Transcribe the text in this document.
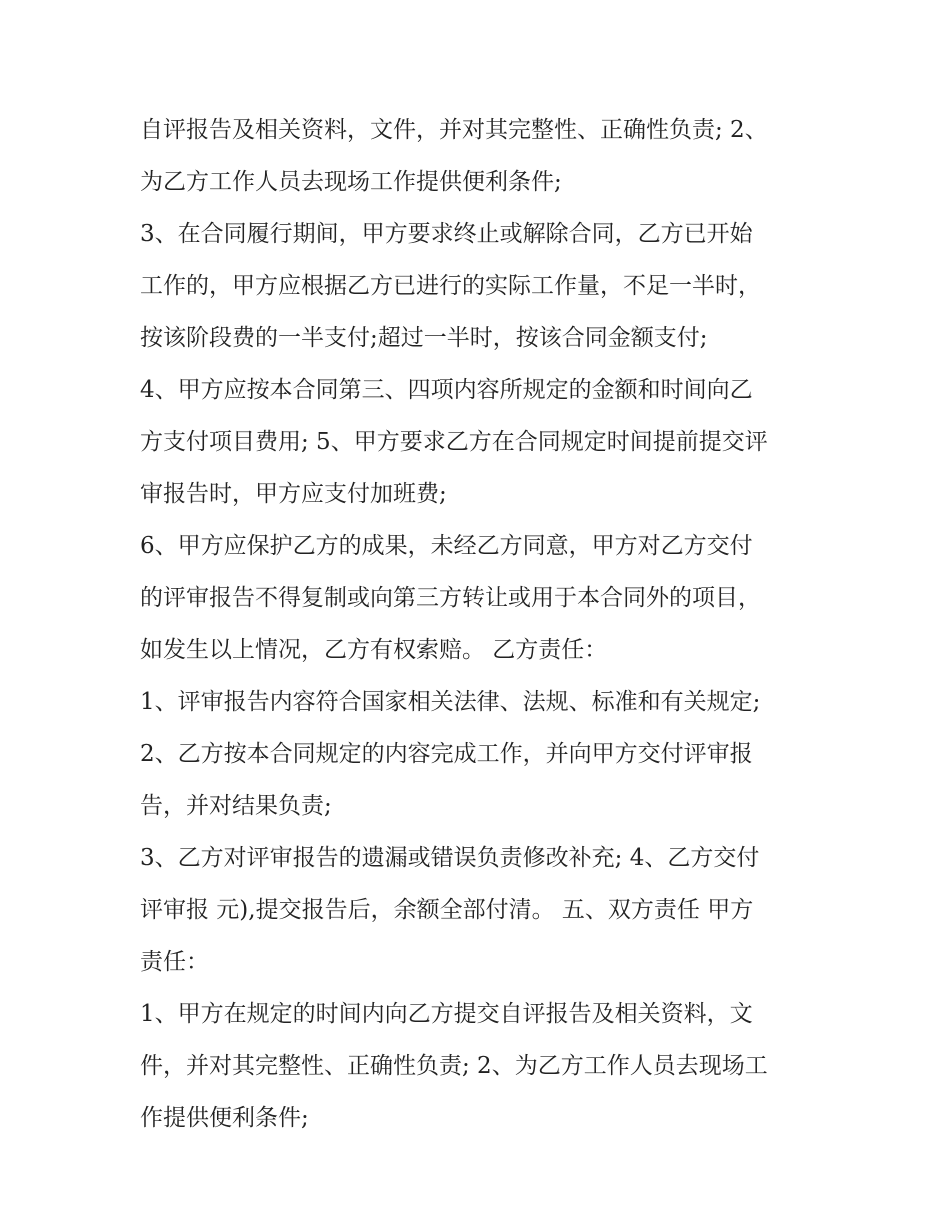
自评报告及相关资料，文件，并对其完整性、正确性负责; 2、
为乙方工作人员去现场工作提供便利条件;

3、在合同履行期间，甲方要求终止或解除合同，乙方已开始
工作的，甲方应根据乙方已进行的实际工作量，不足一半时，
按该阶段费的一半支付;超过一半时，按该合同金额支付;

4、甲方应按本合同第三、四项内容所规定的金额和时间向乙
方支付项目费用; 5、甲方要求乙方在合同规定时间提前提交评
审报告时，甲方应支付加班费;

6、甲方应保护乙方的成果，未经乙方同意，甲方对乙方交付
的评审报告不得复制或向第三方转让或用于本合同外的项目，
如发生以上情况，乙方有权索赔。 乙方责任：

1、评审报告内容符合国家相关法律、法规、标准和有关规定;

2、乙方按本合同规定的内容完成工作，并向甲方交付评审报
告，并对结果负责;

3、乙方对评审报告的遗漏或错误负责修改补充; 4、乙方交付
评审报 元),提交报告后，余额全部付清。 五、双方责任 甲方
责任：

1、甲方在规定的时间内向乙方提交自评报告及相关资料，文
件，并对其完整性、正确性负责; 2、为乙方工作人员去现场工
作提供便利条件;
